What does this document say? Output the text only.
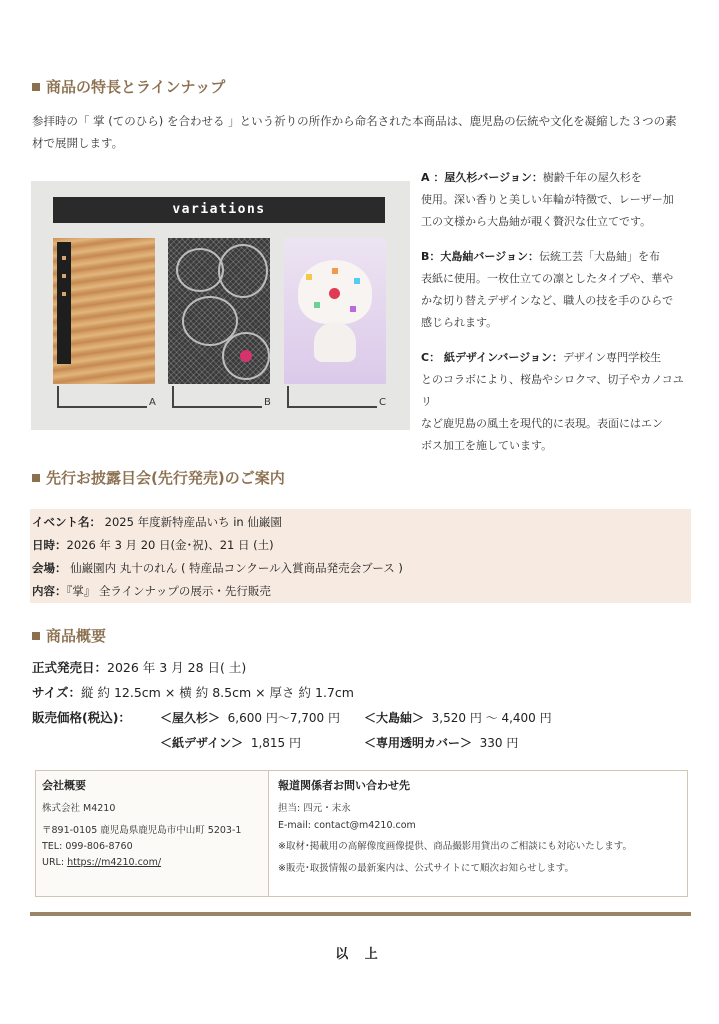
商品の特長とラインナップ
参拝時の「 掌 (てのひら) を合わせる 」という祈りの所作から命名された本商品は、鹿児島の伝統や文化を凝縮した３つの素
材で展開します。
variations
A	B	C
A ：屋久杉バージョン：樹齢千年の屋久杉を
使用。深い香りと美しい年輪が特徴で、レーザー加
工の文様から大島紬が覗く贅沢な仕立てです。
B：大島紬バージョン：伝統工芸「大島紬」を布
表紙に使用。一枚仕立ての凛としたタイプや、華や
かな切り替えデザインなど、職人の技を手のひらで
感じられます。
C： 紙デザインバージョン：デザイン専門学校生
とのコラボにより、桜島やシロクマ、切子やカノコユリ
など鹿児島の風土を現代的に表現。表面にはエン
ボス加工を施しています。
先行お披露目会(先行発売)のご案内
イベント名： 2025 年度新特産品いち in 仙巌園
日時：2026 年 3 月 20 日(金･祝)、21 日 (土)
会場： 仙巌園内 丸十のれん ( 特産品コンクール入賞商品発売会ブース )
内容：『掌』 全ラインナップの展示・先行販売
商品概要
正式発売日：2026 年 3 月 28 日( 土)
サイズ：縦 約 12.5cm × 横 約 8.5cm × 厚さ 約 1.7cm
販売価格(税込)： ＜屋久杉＞ 6,600 円～7,700 円 ＜大島紬＞ 3,520 円 ～ 4,400 円
＜紙デザイン＞ 1,815 円	＜専用透明カバー＞ 330 円
会社概要
株式会社 M4210
〒891-0105 鹿児島県鹿児島市中山町 5203-1
TEL: 099-806-8760
URL: https://m4210.com/
報道関係者お問い合わせ先
担当: 四元・末永
E-mail: contact@m4210.com
※取材･掲載用の高解像度画像提供、商品撮影用貸出のご相談にも対応いたします。
※販売･取扱情報の最新案内は、公式サイトにて順次お知らせします。
以 上
